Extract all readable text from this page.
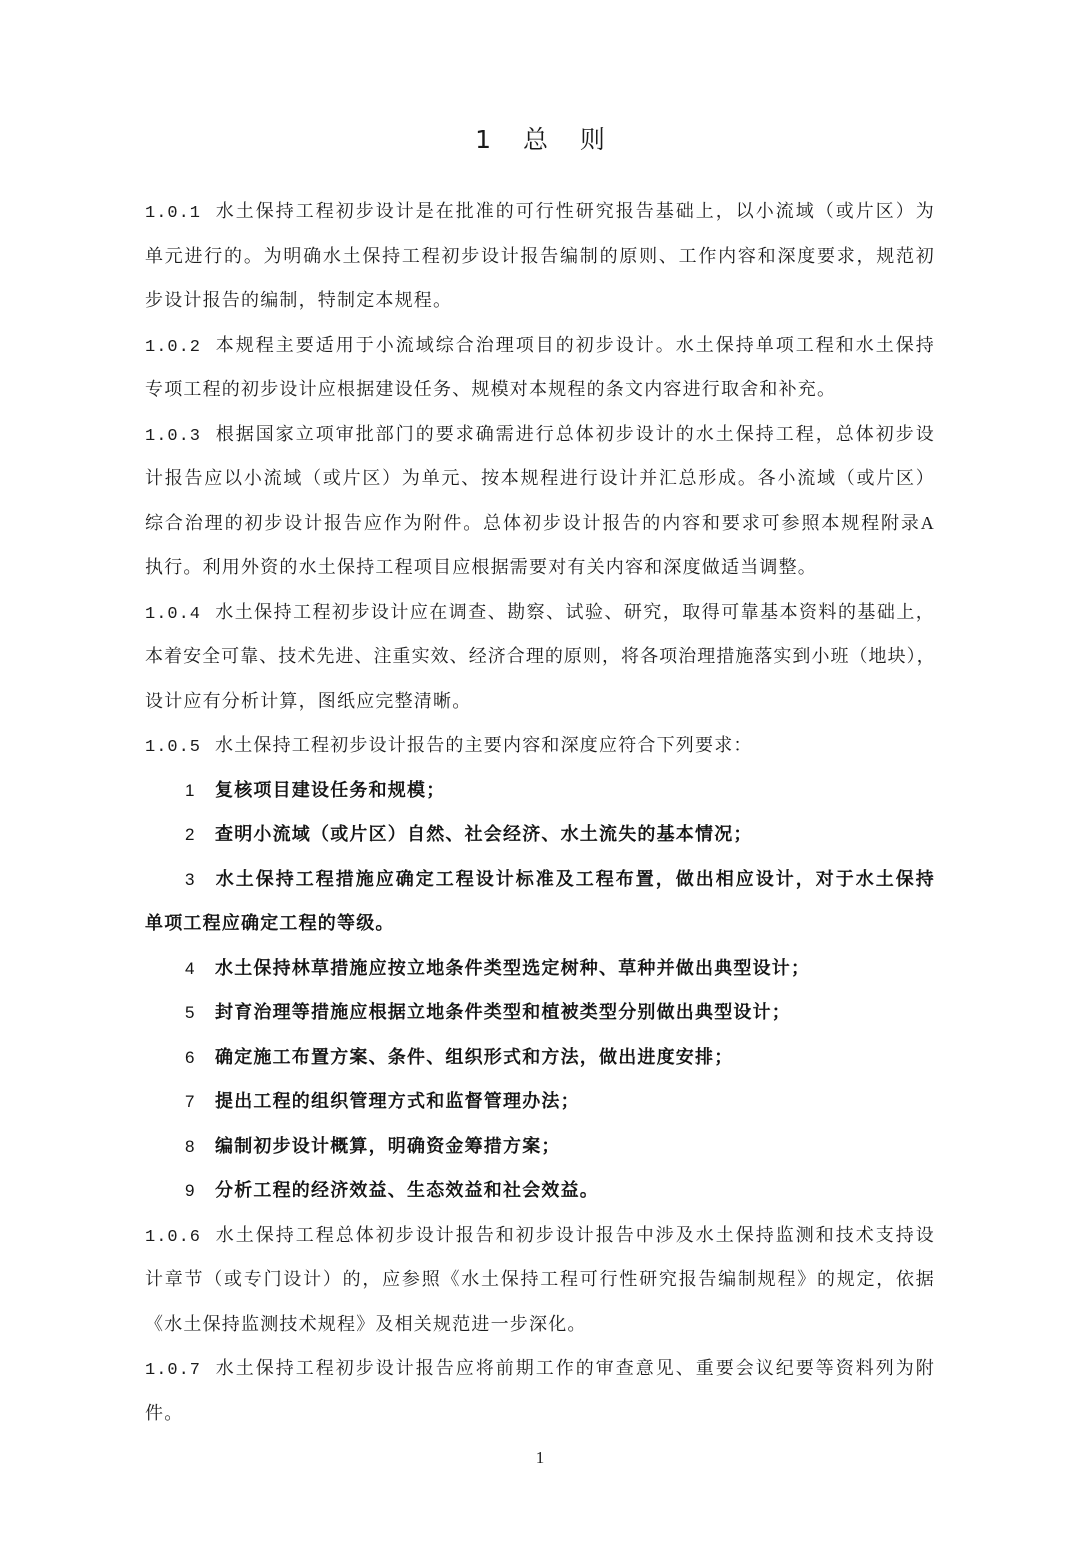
1 总 则
1.0.1 水土保持工程初步设计是在批准的可行性研究报告基础上，以小流域（或片区）为
单元进行的。为明确水土保持工程初步设计报告编制的原则、工作内容和深度要求，规范初
步设计报告的编制，特制定本规程。
1.0.2 本规程主要适用于小流域综合治理项目的初步设计。水土保持单项工程和水土保持
专项工程的初步设计应根据建设任务、规模对本规程的条文内容进行取舍和补充。
1.0.3 根据国家立项审批部门的要求确需进行总体初步设计的水土保持工程，总体初步设
计报告应以小流域（或片区）为单元、按本规程进行设计并汇总形成。各小流域（或片区）
综合治理的初步设计报告应作为附件。总体初步设计报告的内容和要求可参照本规程附录A
执行。利用外资的水土保持工程项目应根据需要对有关内容和深度做适当调整。
1.0.4 水土保持工程初步设计应在调查、勘察、试验、研究，取得可靠基本资料的基础上，
本着安全可靠、技术先进、注重实效、经济合理的原则，将各项治理措施落实到小班（地块），
设计应有分析计算，图纸应完整清晰。
1.0.5 水土保持工程初步设计报告的主要内容和深度应符合下列要求：
1 复核项目建设任务和规模；
2 查明小流域（或片区）自然、社会经济、水土流失的基本情况；
3 水土保持工程措施应确定工程设计标准及工程布置，做出相应设计，对于水土保持
单项工程应确定工程的等级。
4 水土保持林草措施应按立地条件类型选定树种、草种并做出典型设计；
5 封育治理等措施应根据立地条件类型和植被类型分别做出典型设计；
6 确定施工布置方案、条件、组织形式和方法，做出进度安排；
7 提出工程的组织管理方式和监督管理办法；
8 编制初步设计概算，明确资金筹措方案；
9 分析工程的经济效益、生态效益和社会效益。
1.0.6 水土保持工程总体初步设计报告和初步设计报告中涉及水土保持监测和技术支持设
计章节（或专门设计）的，应参照《水土保持工程可行性研究报告编制规程》的规定，依据
《水土保持监测技术规程》及相关规范进一步深化。
1.0.7 水土保持工程初步设计报告应将前期工作的审查意见、重要会议纪要等资料列为附
件。
1
